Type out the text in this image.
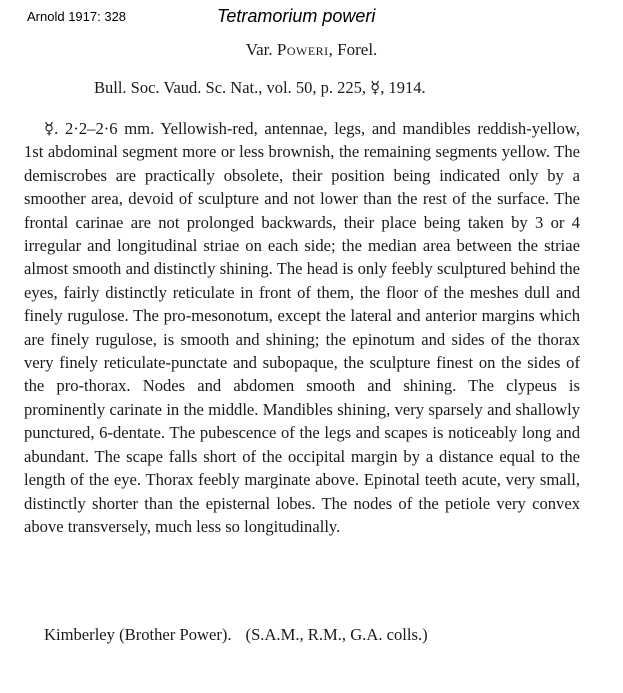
Arnold 1917: 328	Tetramorium poweri
Var. Poweri, Forel.
Bull. Soc. Vaud. Sc. Nat., vol. 50, p. 225, ☿, 1914.

☿. 2·2–2·6 mm. Yellowish-red, antennae, legs, and mandibles reddish-yellow, 1st abdominal segment more or less brownish, the remaining segments yellow. The demiscrobes are practically obsolete, their position being indicated only by a smoother area, devoid of sculpture and not lower than the rest of the surface. The frontal carinae are not prolonged backwards, their place being taken by 3 or 4 irregular and longitudinal striae on each side; the median area between the striae almost smooth and distinctly shining. The head is only feebly sculptured behind the eyes, fairly distinctly reticulate in front of them, the floor of the meshes dull and finely rugulose. The pro-mesonotum, except the lateral and anterior margins which are finely rugulose, is smooth and shining; the epinotum and sides of the thorax very finely reticulate-punctate and subopaque, the sculpture finest on the sides of the pro-thorax. Nodes and abdomen smooth and shining. The clypeus is prominently carinate in the middle. Mandibles shining, very sparsely and shallowly punctured, 6-dentate. The pubescence of the legs and scapes is noticeably long and abundant. The scape falls short of the occipital margin by a distance equal to the length of the eye. Thorax feebly marginate above. Epinotal teeth acute, very small, distinctly shorter than the episternal lobes. The nodes of the petiole very convex above transversely, much less so longitudinally.

Kimberley (Brother Power). (S.A.M., R.M., G.A. colls.)
